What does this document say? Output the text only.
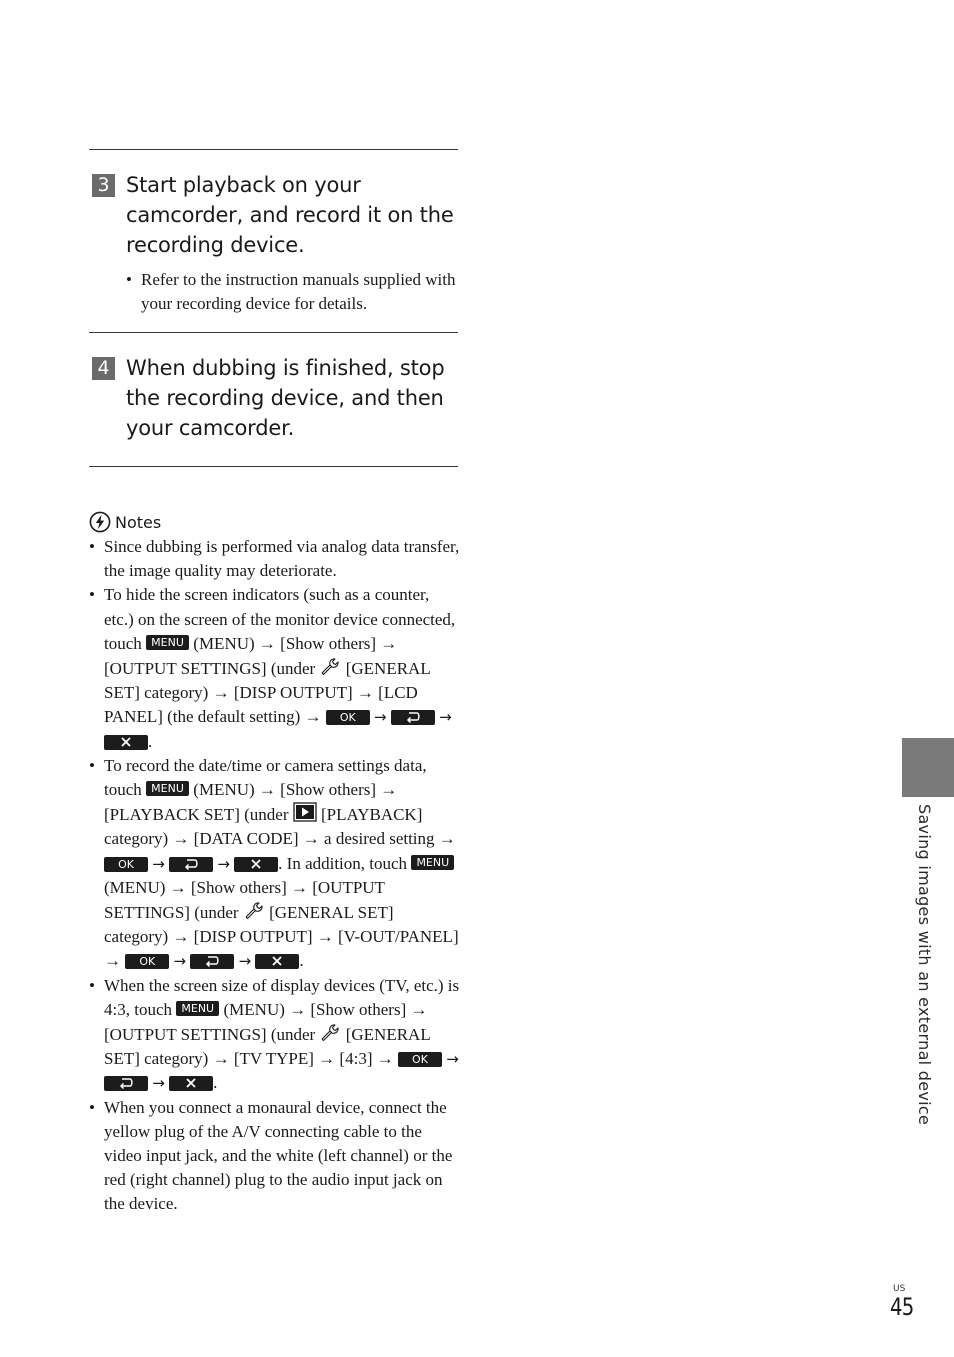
3 Start playback on your camcorder, and record it on the recording device.
• Refer to the instruction manuals supplied with your recording device for details.
4 When dubbing is finished, stop the recording device, and then your camcorder.
Notes
• Since dubbing is performed via analog data transfer, the image quality may deteriorate.
• To hide the screen indicators (such as a counter, etc.) on the screen of the monitor device connected, touch MENU (MENU) → [Show others] → [OUTPUT SETTINGS] (under [GENERAL SET] category) → [DISP OUTPUT] → [LCD PANEL] (the default setting) → OK →	→ .
• To record the date/time or camera settings data, touch MENU (MENU) → [Show others] → [PLAYBACK SET] (under [PLAYBACK] category) → [DATA CODE] → a desired setting → OK →	→	. In addition, touch MENU (MENU) → [Show others] → [OUTPUT SETTINGS] (under [GENERAL SET] category) → [DISP OUTPUT] → [V-OUT/PANEL] → OK →	→	.
• When the screen size of display devices (TV, etc.) is 4:3, touch MENU (MENU) → [Show others] → [OUTPUT SETTINGS] (under [GENERAL SET] category) → [TV TYPE] → [4:3] → OK →  →	.
• When you connect a monaural device, connect the yellow plug of the A/V connecting cable to the video input jack, and the white (left channel) or the red (right channel) plug to the audio input jack on the device.
Saving images with an external device
US
45
